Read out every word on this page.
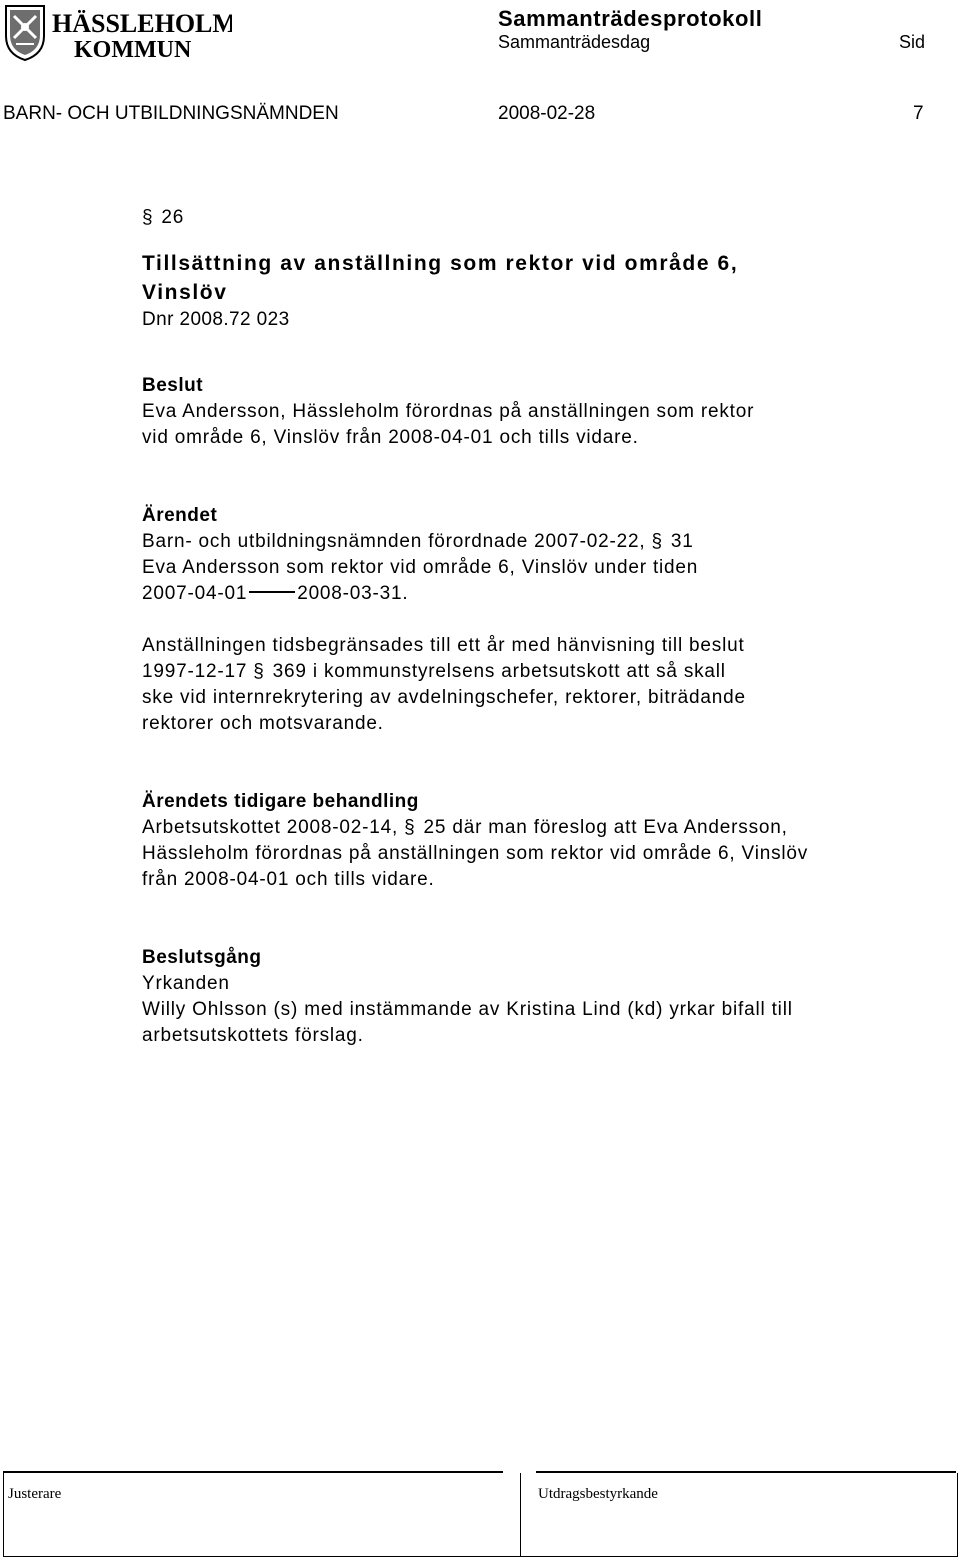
HÄSSLEHOLMS
KOMMUN
Sammanträdesprotokoll
Sammanträdesdag	Sid
BARN- OCH UTBILDNINGSNÄMNDEN	2008-02-28	7
§ 26
Tillsättning av anställning som rektor vid område 6,
Vinslöv
Dnr 2008.72 023
Beslut
Eva Andersson, Hässleholm förordnas på anställningen som rektor
vid område 6, Vinslöv från 2008-04-01 och tills vidare.
Ärendet
Barn- och utbildningsnämnden förordnade 2007-02-22, § 31
Eva Andersson som rektor vid område 6, Vinslöv under tiden
2007-04-01	2008-03-31.
Anställningen tidsbegränsades till ett år med hänvisning till beslut
1997-12-17 § 369 i kommunstyrelsens arbetsutskott att så skall
ske vid internrekrytering av avdelningschefer, rektorer, biträdande
rektorer och motsvarande.
Ärendets tidigare behandling
Arbetsutskottet 2008-02-14, § 25 där man föreslog att Eva Andersson,
Hässleholm förordnas på anställningen som rektor vid område 6, Vinslöv
från 2008-04-01 och tills vidare.
Beslutsgång
Yrkanden
Willy Ohlsson (s) med instämmande av Kristina Lind (kd) yrkar bifall till
arbetsutskottets förslag.
Justerare	Utdragsbestyrkande
